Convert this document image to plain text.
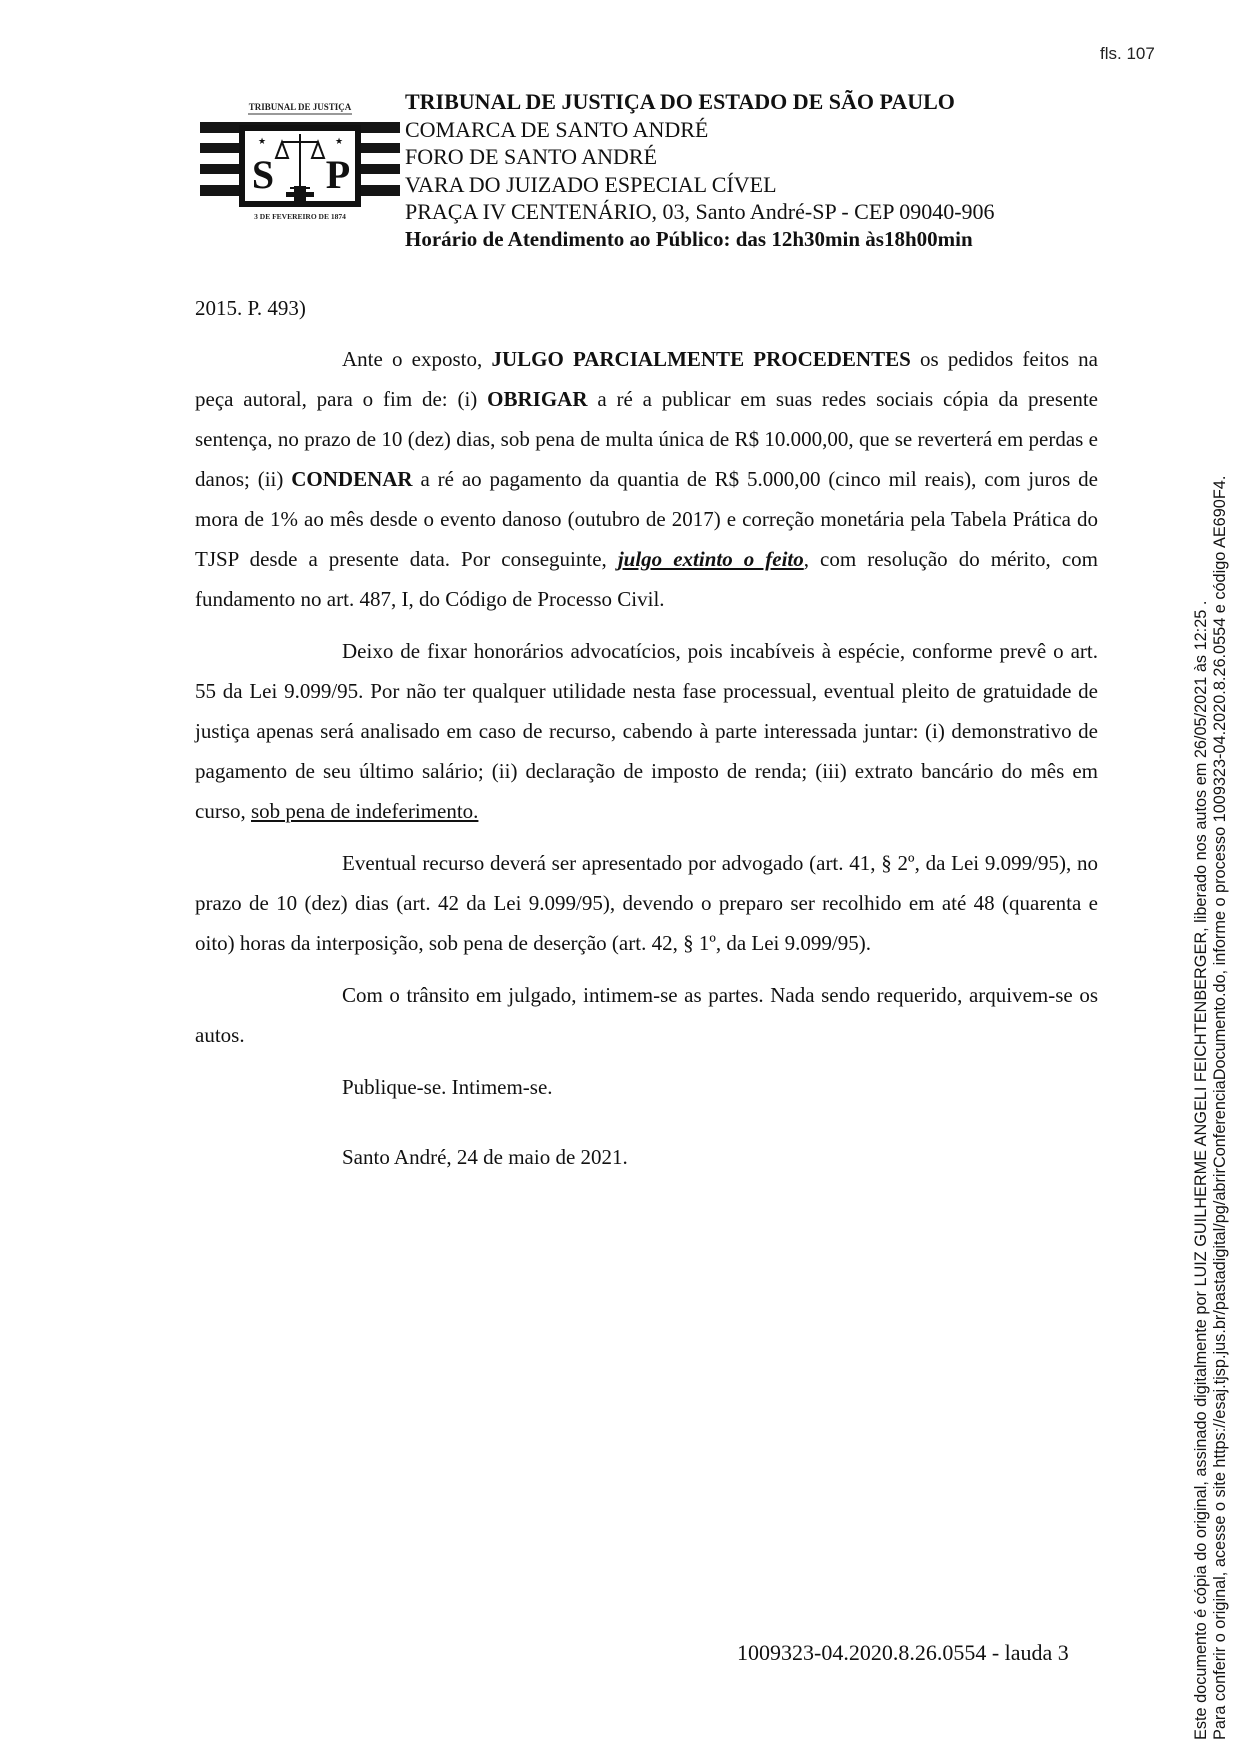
fls. 107
TRIBUNAL DE JUSTIÇA
★	★
S P
3 DE FEVEREIRO DE 1874
TRIBUNAL DE JUSTIÇA DO ESTADO DE SÃO PAULO
COMARCA DE SANTO ANDRÉ
FORO DE SANTO ANDRÉ
VARA DO JUIZADO ESPECIAL CÍVEL
PRAÇA IV CENTENÁRIO, 03, Santo André-SP - CEP 09040-906
Horário de Atendimento ao Público: das 12h30min às18h00min

2015. P. 493)

Ante o exposto, JULGO PARCIALMENTE PROCEDENTES os pedidos feitos na peça autoral, para o fim de: (i) OBRIGAR a ré a publicar em suas redes sociais cópia da presente sentença, no prazo de 10 (dez) dias, sob pena de multa única de R$ 10.000,00, que se reverterá em perdas e danos; (ii) CONDENAR a ré ao pagamento da quantia de R$ 5.000,00 (cinco mil reais), com juros de mora de 1% ao mês desde o evento danoso (outubro de 2017) e correção monetária pela Tabela Prática do TJSP desde a presente data. Por conseguinte, julgo extinto o feito, com resolução do mérito, com fundamento no art. 487, I, do Código de Processo Civil.

Deixo de fixar honorários advocatícios, pois incabíveis à espécie, conforme prevê o art. 55 da Lei 9.099/95. Por não ter qualquer utilidade nesta fase processual, eventual pleito de gratuidade de justiça apenas será analisado em caso de recurso, cabendo à parte interessada juntar: (i) demonstrativo de pagamento de seu último salário; (ii) declaração de imposto de renda; (iii) extrato bancário do mês em curso, sob pena de indeferimento.

Eventual recurso deverá ser apresentado por advogado (art. 41, § 2º, da Lei 9.099/95), no prazo de 10 (dez) dias (art. 42 da Lei 9.099/95), devendo o preparo ser recolhido em até 48 (quarenta e oito) horas da interposição, sob pena de deserção (art. 42, § 1º, da Lei 9.099/95).

Com o trânsito em julgado, intimem-se as partes. Nada sendo requerido, arquivem-se os autos.

Publique-se. Intimem-se.

Santo André, 24 de maio de 2021.

1009323-04.2020.8.26.0554 - lauda 3	Este documento é cópia do original, assinado digitalmente por LUIZ GUILHERME ANGELI FEICHTENBERGER, liberado nos autos em 26/05/2021 às 12:25 . Para conferir o original, acesse o site https://esaj.tjsp.jus.br/pastadigital/pg/abrirConferenciaDocumento.do, informe o processo 1009323-04.2020.8.26.0554 e código AE690F4.
